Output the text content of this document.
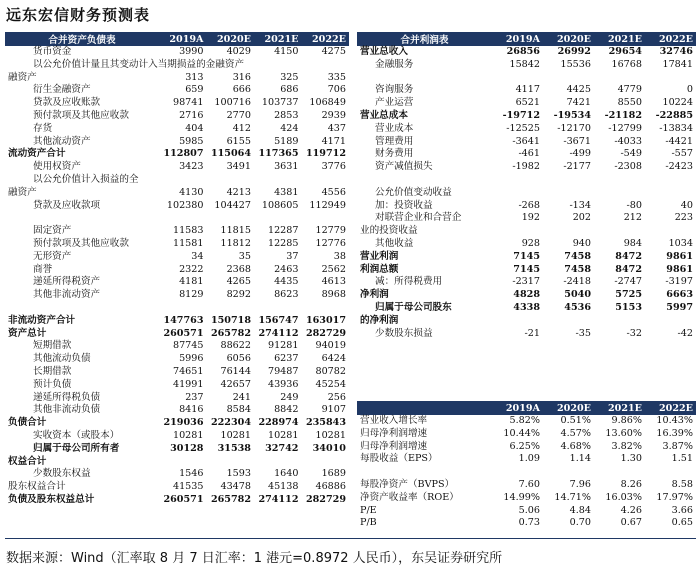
远东宏信财务预测表
合并资产负债表	2019A	2020E	2021E	2022E
货币资金	3990	4029	4150	4275
以公允价值计量且其变动计入当期损益的金融资产				
融资产	313	316	325	335
衍生金融资产	659	666	686	706
贷款及应收账款	98741	100716	103737	106849
预付款项及其他应收款	2716	2770	2853	2939
存货	404	412	424	437
其他流动资产	5985	6155	5189	4171
流动资产合计	112807	115064	117365	119712
使用权资产	3423	3491	3631	3776
以公允价值计入损益的全				
融资产	4130	4213	4381	4556
贷款及应收款项	102380	104427	108605	112949

固定资产	11583	11815	12287	12779
预付款项及其他应收款	11581	11812	12285	12776
无形资产	34	35	37	38
商誉	2322	2368	2463	2562
递延所得税资产	4181	4265	4435	4613
其他非流动资产	8129	8292	8623	8968

非流动资产合计	147763	150718	156747	163017
资产总计	260571	265782	274112	282729
短期借款	87745	88622	91281	94019
其他流动负债	5996	6056	6237	6424
长期借款	74651	76144	79487	80782
预计负债	41991	42657	43936	45254
递延所得税负债	237	241	249	256
其他非流动负债	8416	8584	8842	9107
负债合计	219036	222304	228974	235843
实收资本（或股本）	10281	10281	10281	10281
归属于母公司所有者	30128	31538	32742	34010
权益合计				
少数股东权益	1546	1593	1640	1689
股东权益合计	41535	43478	45138	46886
负债及股东权益总计	260571	265782	274112	282729
合并利润表	2019A	2020E	2021E	2022E
营业总收入	26856	26992	29654	32746
金融服务	15842	15536	16768	17841

咨询服务	4117	4425	4779	0
产业运营	6521	7421	8550	10224
营业总成本	-19712	-19534	-21182	-22885
营业成本	-12525	-12170	-12799	-13834
管理费用	-3641	-3671	-4033	-4421
财务费用	-461	-499	-549	-557
资产减值损失	-1982	-2177	-2308	-2423

公允价值变动收益				
加：投资收益	-268	-134	-80	40
对联营企业和合营企	192	202	212	223
业的投资收益				
其他收益	928	940	984	1034
营业利润	7145	7458	8472	9861
利润总额	7145	7458	8472	9861
减：所得税费用	-2317	-2418	-2747	-3197
净利润	4828	5040	5725	6663
归属于母公司股东	4338	4536	5153	5997
的净利润				
少数股东损益	-21	-35	-32	-42
	2019A	2020E	2021E	2022E
营业收入增长率	5.82%	0.51%	9.86%	10.43%
归母净利润增速	10.44%	4.57%	13.60%	16.39%
归母净利润增速	6.25%	4.68%	3.82%	3.87%
每股收益（EPS）	1.09	1.14	1.30	1.51

每股净资产（BVPS）	7.60	7.96	8.26	8.58
净资产收益率（ROE）	14.99%	14.71%	16.03%	17.97%
P/E	5.06	4.84	4.26	3.66
P/B	0.73	0.70	0.67	0.65
数据来源：Wind（汇率取 8 月 7 日汇率：1 港元=0.8972 人民币），东吴证券研究所
